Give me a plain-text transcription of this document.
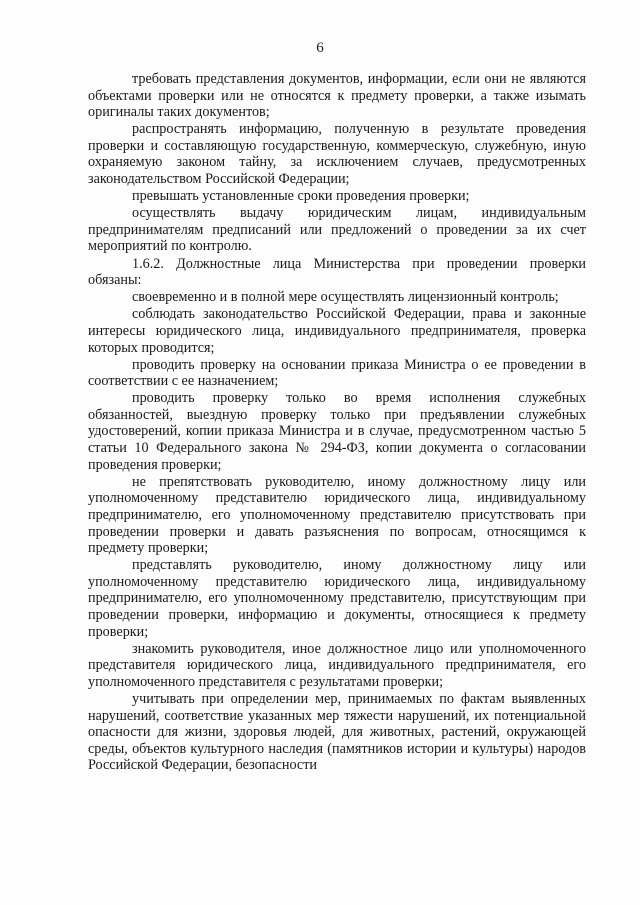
6

требовать представления документов, информации, если они не являются объектами проверки или не относятся к предмету проверки, а также изымать оригиналы таких документов;

распространять информацию, полученную в результате проведения проверки и составляющую государственную, коммерческую, служебную, иную охраняемую законом тайну, за исключением случаев, предусмотренных законодательством Российской Федерации;

превышать установленные сроки проведения проверки;

осуществлять выдачу юридическим лицам, индивидуальным предпринимателям предписаний или предложений о проведении за их счет мероприятий по контролю.

1.6.2. Должностные лица Министерства при проведении проверки обязаны:

своевременно и в полной мере осуществлять лицензионный контроль;

соблюдать законодательство Российской Федерации, права и законные интересы юридического лица, индивидуального предпринимателя, проверка которых проводится;

проводить проверку на основании приказа Министра о ее проведении в соответствии с ее назначением;

проводить проверку только во время исполнения служебных обязанностей, выездную проверку только при предъявлении служебных удостоверений, копии приказа Министра и в случае, предусмотренном частью 5 статьи 10 Федерального закона № 294-ФЗ, копии документа о согласовании проведения проверки;

не препятствовать руководителю, иному должностному лицу или уполномоченному представителю юридического лица, индивидуальному предпринимателю, его уполномоченному представителю присутствовать при проведении проверки и давать разъяснения по вопросам, относящимся к предмету проверки;

представлять руководителю, иному должностному лицу или уполномоченному представителю юридического лица, индивидуальному предпринимателю, его уполномоченному представителю, присутствующим при проведении проверки, информацию и документы, относящиеся к предмету проверки;

знакомить руководителя, иное должностное лицо или уполномоченного представителя юридического лица, индивидуального предпринимателя, его уполномоченного представителя с результатами проверки;

учитывать при определении мер, принимаемых по фактам выявленных нарушений, соответствие указанных мер тяжести нарушений, их потенциальной опасности для жизни, здоровья людей, для животных, растений, окружающей среды, объектов культурного наследия (памятников истории и культуры) народов Российской Федерации, безопасности
